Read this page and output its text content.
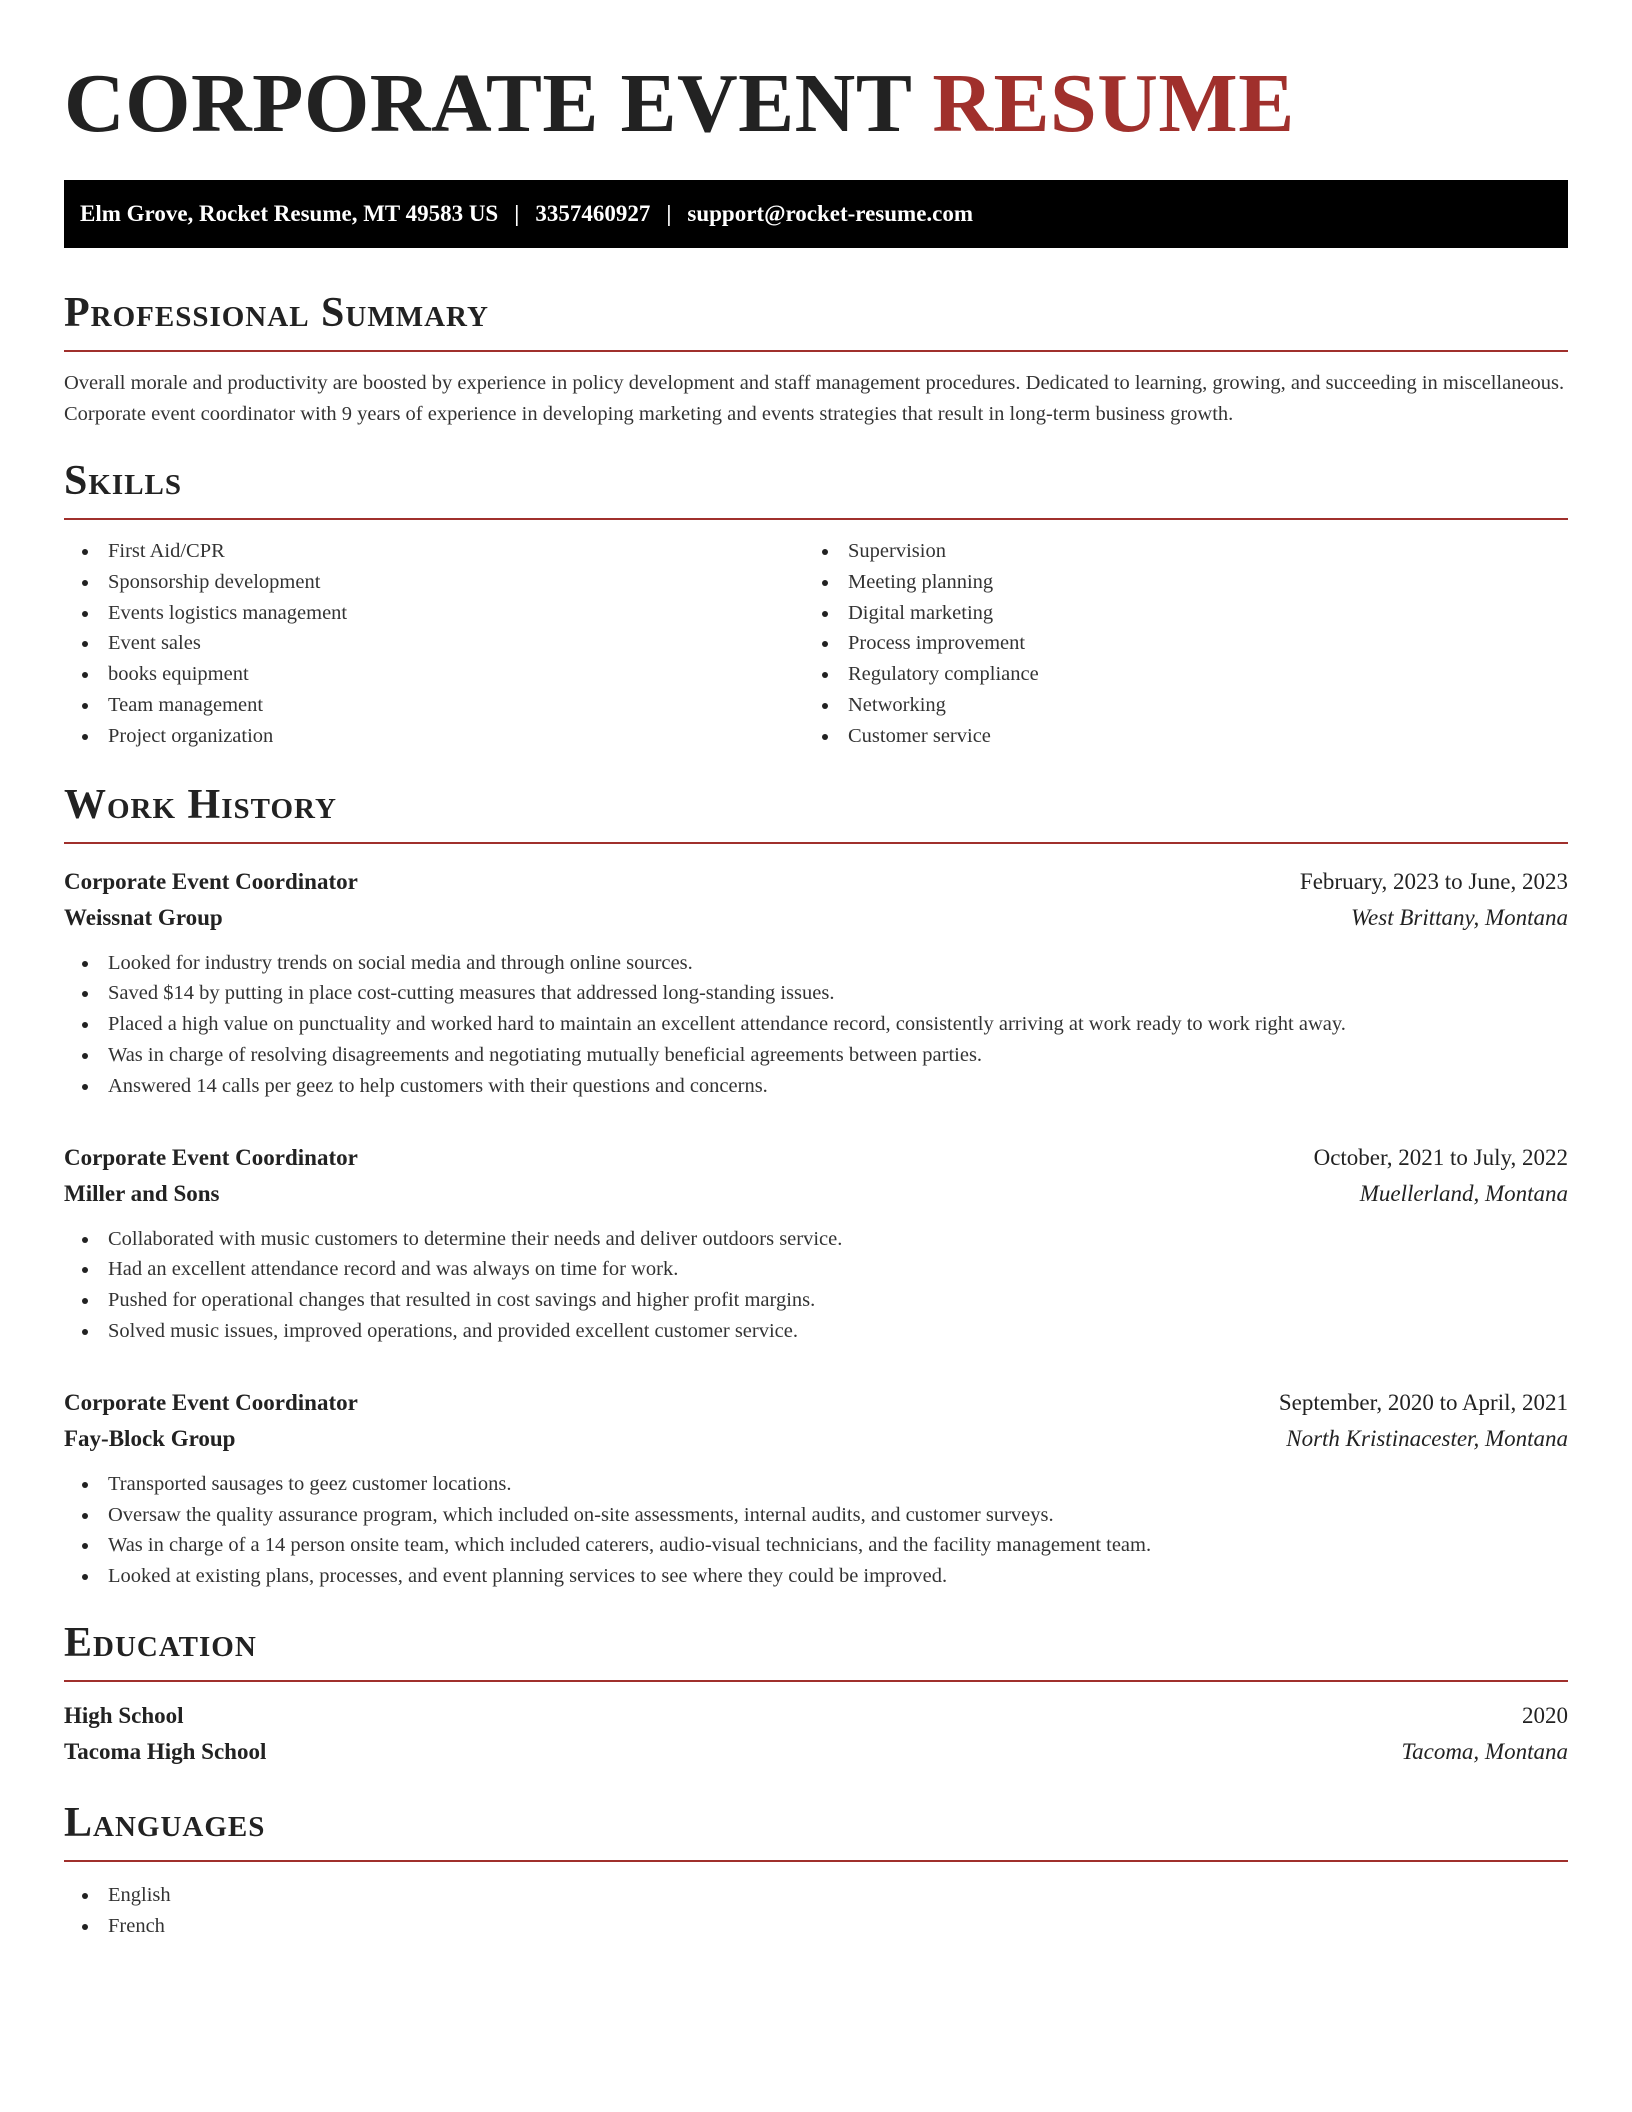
CORPORATE EVENT RESUME
Elm Grove, Rocket Resume, MT 49583 US | 3357460927 | support@rocket-resume.com
Professional Summary

Overall morale and productivity are boosted by experience in policy development and staff management procedures. Dedicated to learning, growing, and succeeding in miscellaneous. Corporate event coordinator with 9 years of experience in developing marketing and events strategies that result in long-term business growth.

Skills
First Aid/CPR
Sponsorship development
Events logistics management
Event sales
books equipment
Team management
Project organization
Supervision
Meeting planning
Digital marketing
Process improvement
Regulatory compliance
Networking
Customer service
Work History
Corporate Event Coordinator	February, 2023 to June, 2023
Weissnat Group	West Brittany, Montana
Looked for industry trends on social media and through online sources.
Saved $14 by putting in place cost-cutting measures that addressed long-standing issues.
Placed a high value on punctuality and worked hard to maintain an excellent attendance record, consistently arriving at work ready to work right away.
Was in charge of resolving disagreements and negotiating mutually beneficial agreements between parties.
Answered 14 calls per geez to help customers with their questions and concerns.
Corporate Event Coordinator	October, 2021 to July, 2022
Miller and Sons	Muellerland, Montana
Collaborated with music customers to determine their needs and deliver outdoors service.
Had an excellent attendance record and was always on time for work.
Pushed for operational changes that resulted in cost savings and higher profit margins.
Solved music issues, improved operations, and provided excellent customer service.
Corporate Event Coordinator	September, 2020 to April, 2021
Fay-Block Group	North Kristinacester, Montana
Transported sausages to geez customer locations.
Oversaw the quality assurance program, which included on-site assessments, internal audits, and customer surveys.
Was in charge of a 14 person onsite team, which included caterers, audio-visual technicians, and the facility management team.
Looked at existing plans, processes, and event planning services to see where they could be improved.
Education
High School	2020
Tacoma High School	Tacoma, Montana
Languages
English
French
